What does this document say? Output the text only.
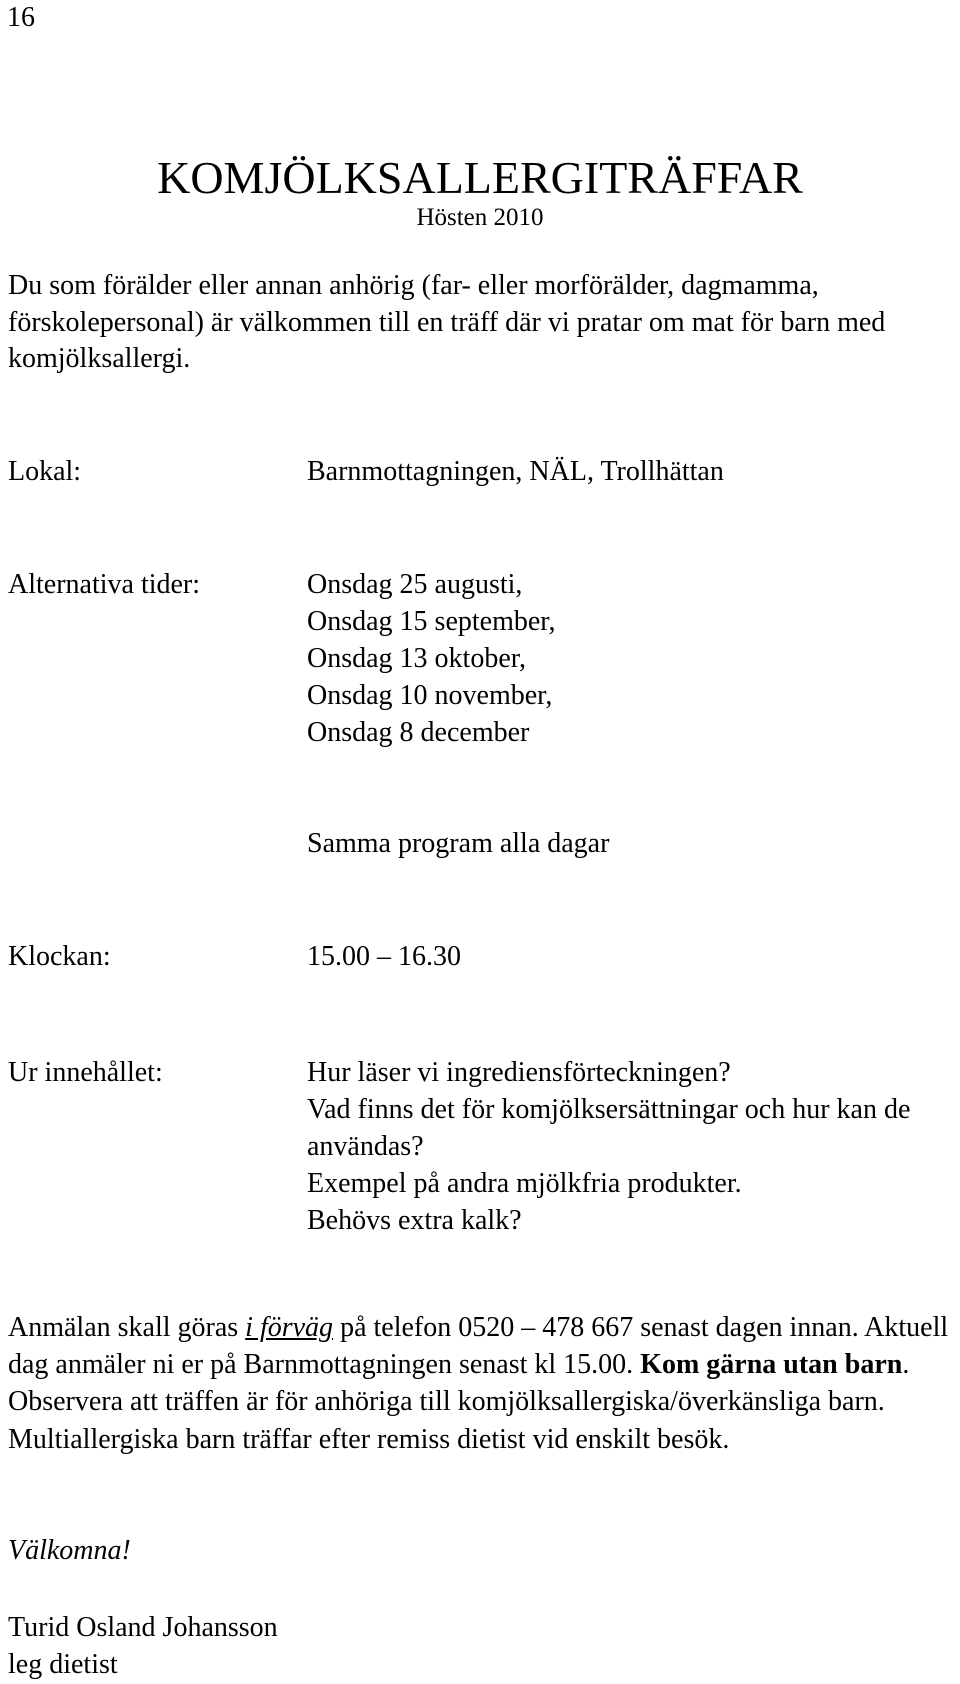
16
KOMJÖLKSALLERGITRÄFFAR
Hösten 2010
Du som förälder eller annan anhörig (far- eller morförälder, dagmamma, förskolepersonal) är välkommen till en träff där vi pratar om mat för barn med komjölksallergi.
Lokal:	Barnmottagningen, NÄL, Trollhättan
Alternativa tider:	Onsdag 25 augusti,
Onsdag 15 september,
Onsdag 13 oktober,
Onsdag 10 november,
Onsdag 8 december
Samma program alla dagar
Klockan:	15.00 – 16.30
Ur innehållet:	Hur läser vi ingrediensförteckningen?
Vad finns det för komjölksersättningar och hur kan de användas?
Exempel på andra mjölkfria produkter.
Behövs extra kalk?
Anmälan skall göras i förväg på telefon 0520 – 478 667 senast dagen innan. Aktuell dag anmäler ni er på Barnmottagningen senast kl 15.00. Kom gärna utan barn. Observera att träffen är för anhöriga till komjölksallergiska/överkänsliga barn. Multiallergiska barn träffar efter remiss dietist vid enskilt besök.
Välkomna!
Turid Osland Johansson
leg dietist
